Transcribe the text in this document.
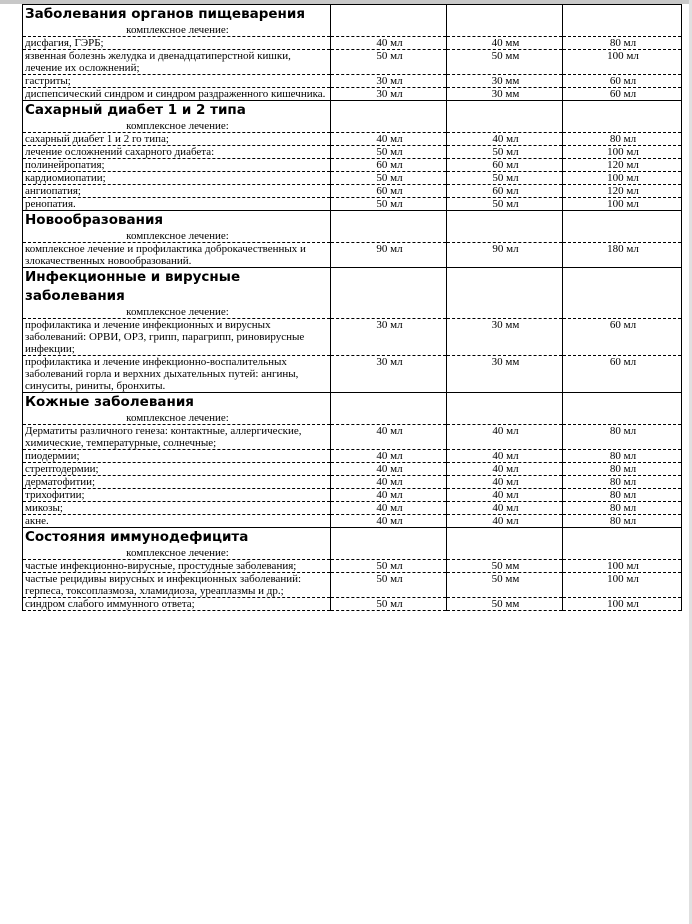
Заболевания органов пищеварения			
комплексное лечение:			
дисфагия, ГЭРБ;	40 мл	40 мм	80 мл
язвенная болезнь желудка и двенадцатиперстной кишки, лечение их осложнений;	50 мл	50 мм	100 мл
гастриты;	30 мл	30 мм	60 мл
диспепсический синдром и синдром раздраженного кишечника.	30 мл	30 мм	60 мл
Сахарный диабет 1 и 2 типа			
комплексное лечение:			
сахарный диабет 1 и 2 го типа;	40 мл	40 мл	80 мл
лечение осложнений сахарного диабета:	50 мл	50 мл	100 мл
полинейропатия;	60 мл	60 мл	120 мл
кардиомиопатии;	50 мл	50 мл	100 мл
ангиопатия;	60 мл	60 мл	120 мл
ренопатия.	50 мл	50 мл	100 мл
Новообразования			
комплексное лечение:			
комплексное лечение и профилактика доброкачественных и злокачественных новообразований.	90 мл	90 мл	180 мл
Инфекционные и вирусные заболевания			
комплексное лечение:			
профилактика и лечение инфекционных и вирусных заболеваний: ОРВИ, ОРЗ, грипп, парагрипп, риновирусные инфекции;	30 мл	30 мм	60 мл
профилактика и лечение инфекционно-воспалительных заболеваний горла и верхних дыхательных путей: ангины, синуситы, риниты, бронхиты.	30 мл	30 мм	60 мл
Кожные заболевания			
комплексное лечение:			
Дерматиты различного генеза: контактные, аллергические, химические, температурные, солнечные;	40 мл	40 мл	80 мл
пиодермии;	40 мл	40 мл	80 мл
стрептодермии;	40 мл	40 мл	80 мл
дерматофитии;	40 мл	40 мл	80 мл
трихофитии;	40 мл	40 мл	80 мл
микозы;	40 мл	40 мл	80 мл
акне.	40 мл	40 мл	80 мл
Состояния иммунодефицита			
комплексное лечение:			
частые инфекционно-вирусные, простудные заболевания;	50 мл	50 мм	100 мл
частые рецидивы вирусных и инфекционных заболеваний: герпеса, токсоплазмоза, хламидиоза, уреаплазмы и др.;	50 мл	50 мм	100 мл
синдром слабого иммунного ответа;	50 мл	50 мм	100 мл
